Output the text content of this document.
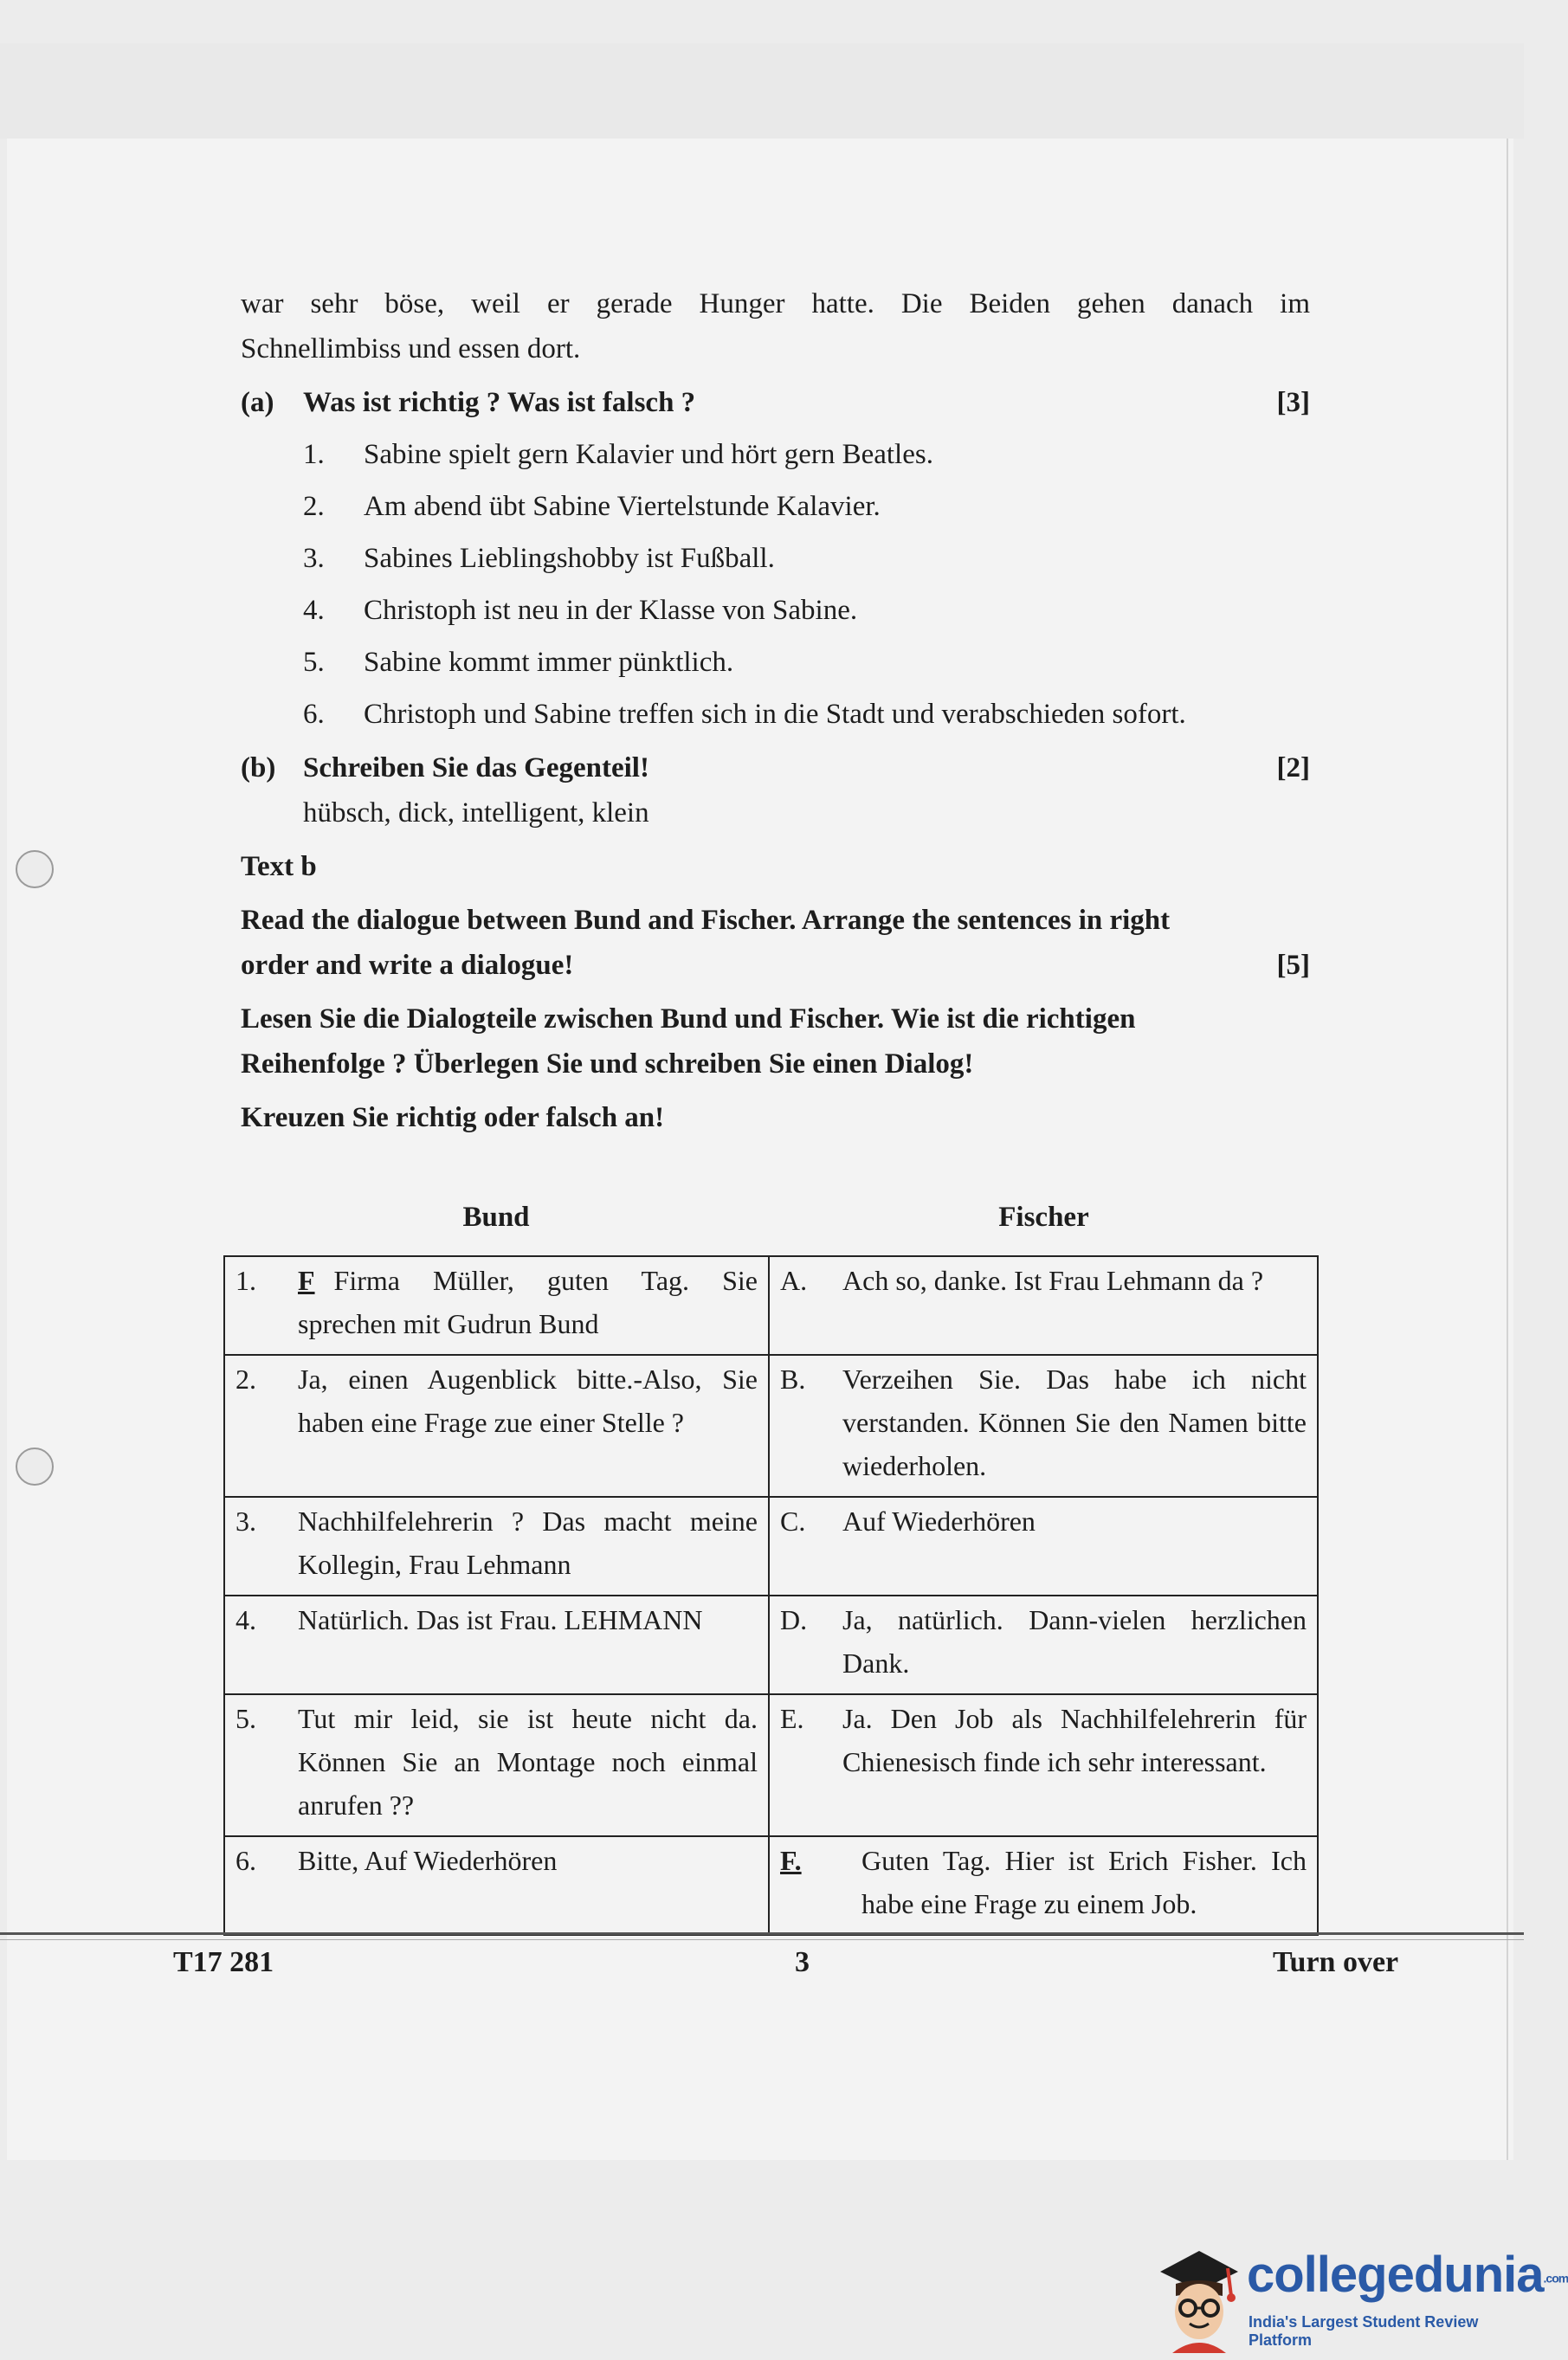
war sehr böse, weil er gerade Hunger hatte. Die Beiden gehen danach im
Schnellimbiss und essen dort.
(a)	Was ist richtig ? Was ist falsch ?	[3]
1.	Sabine spielt gern Kalavier und hört gern Beatles.
2.	Am abend übt Sabine Viertelstunde Kalavier.
3.	Sabines Lieblingshobby ist Fußball.
4.	Christoph ist neu in der Klasse von Sabine.
5.	Sabine kommt immer pünktlich.
6.	Christoph und Sabine treffen sich in die Stadt und verabschieden sofort.
(b) Schreiben Sie das Gegenteil!	[2]
hübsch, dick, intelligent, klein
Text b
Read the dialogue between Bund and Fischer. Arrange the sentences in right
order and write a dialogue!	[5]
Lesen Sie die Dialogteile zwischen Bund und Fischer. Wie ist die richtigen
Reihenfolge ? Überlegen Sie und schreiben Sie einen Dialog!
Kreuzen Sie richtig oder falsch an!
Bund	Fischer
1. F Firma Müller, guten Tag. Sie sprechen mit Gudrun Bund	A. Ach so, danke. Ist Frau Lehmann da ?

2. Ja, einen Augenblick bitte.-Also, Sie haben eine Frage zue einer Stelle ?	B. Verzeihen Sie. Das habe ich nicht verstanden. Können Sie den Namen bitte wiederholen.

3. Nachhilfelehrerin ? Das macht meine Kollegin, Frau Lehmann	C. Auf Wiederhören

4. Natürlich. Das ist Frau. LEHMANN	D. Ja, natürlich. Dann-vielen herzlichen Dank.

5. Tut mir leid, sie ist heute nicht da. Können Sie an Montage noch einmal anrufen ??	E. Ja. Den Job als Nachhilfelehrerin für Chienesisch finde ich sehr interessant.

6. Bitte, Auf Wiederhören	F. Guten Tag. Hier ist Erich Fisher. Ich habe eine Frage zu einem Job.
T17 281	3	Turn over
collegedunia.com
India's Largest Student Review Platform
